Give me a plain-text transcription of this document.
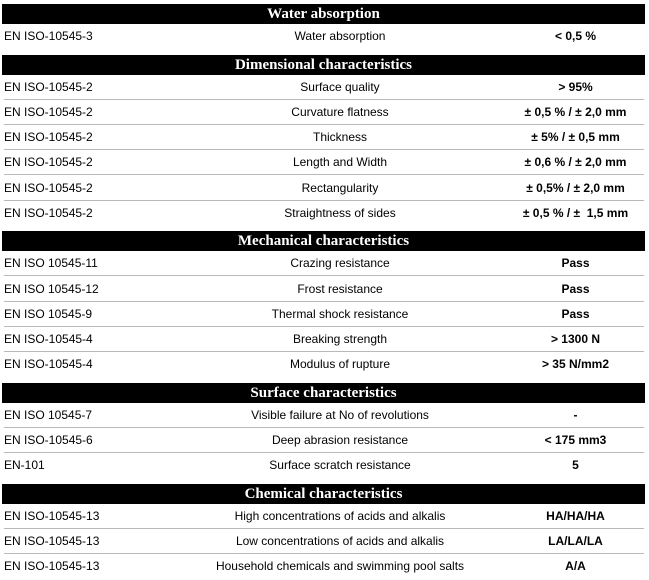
Water absorption
EN ISO-10545-3	Water absorption	< 0,5 %
Dimensional characteristics
EN ISO-10545-2	Surface quality	> 95%
EN ISO-10545-2	Curvature flatness	± 0,5 % / ± 2,0 mm
EN ISO-10545-2	Thickness	± 5% / ± 0,5 mm
EN ISO-10545-2	Length and Width	± 0,6 % / ± 2,0 mm
EN ISO-10545-2	Rectangularity	± 0,5% / ± 2,0 mm
EN ISO-10545-2	Straightness of sides	± 0,5 % / ±  1,5 mm
Mechanical characteristics
EN ISO 10545-11	Crazing resistance	Pass
EN ISO 10545-12	Frost resistance	Pass
EN ISO 10545-9	Thermal shock resistance	Pass
EN ISO-10545-4	Breaking strength	> 1300 N
EN ISO-10545-4	Modulus of rupture	> 35 N/mm2
Surface characteristics
EN ISO 10545-7	Visible failure at No of revolutions	-
EN ISO-10545-6	Deep abrasion resistance	< 175 mm3
EN-101	Surface scratch resistance	5
Chemical characteristics
EN ISO-10545-13	High concentrations of acids and alkalis	HA/HA/HA
EN ISO-10545-13	Low concentrations of acids and alkalis	LA/LA/LA
EN ISO-10545-13	Household chemicals and swimming pool salts	A/A
